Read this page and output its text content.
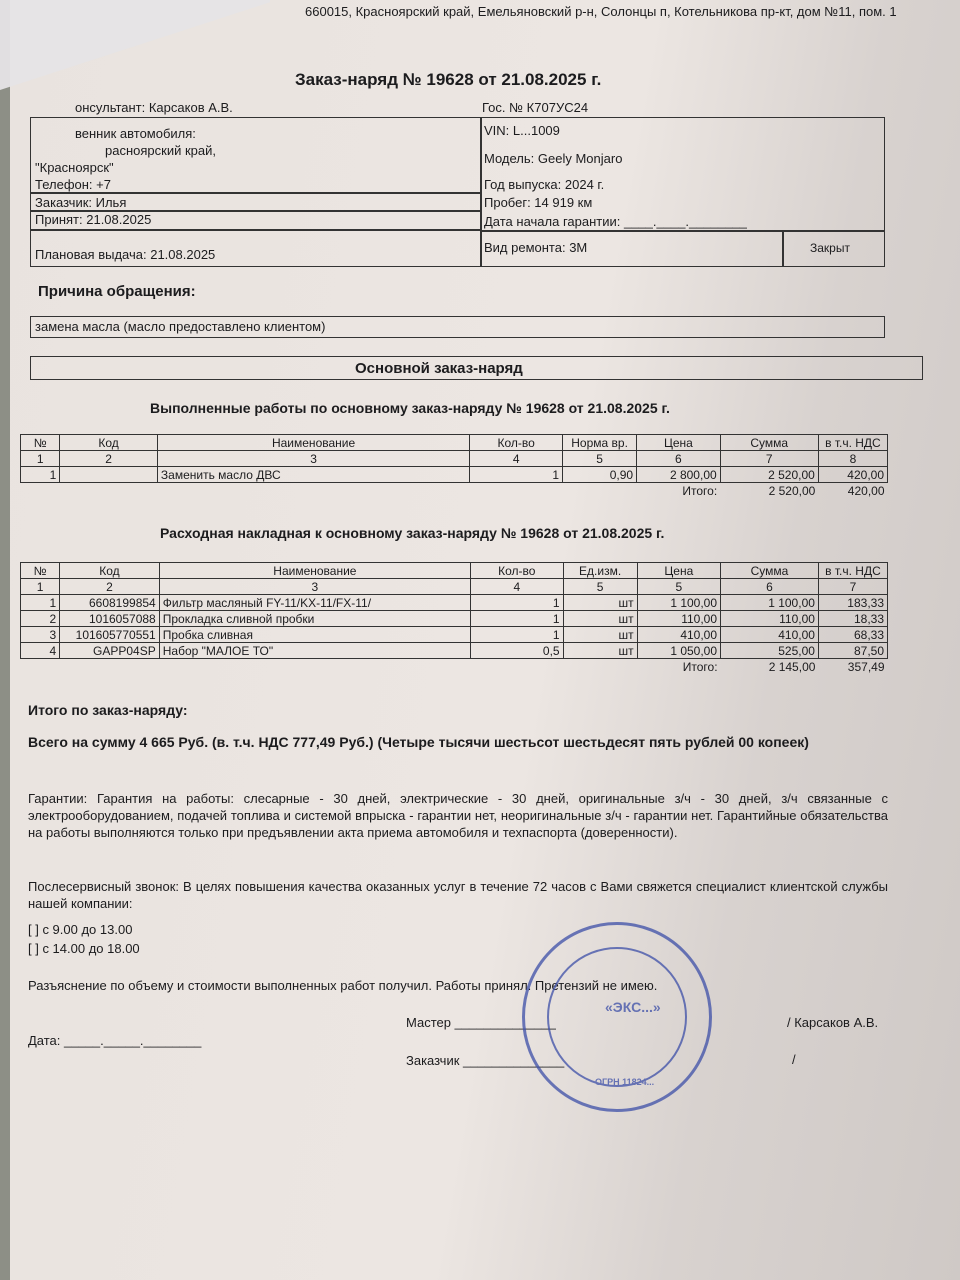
660015, Красноярский край, Емельяновский р-н, Солонцы п, Котельникова пр-кт, дом №11, пом. 1
Заказ-наряд № 19628 от 21.08.2025 г.
онсультант: Карсаков А.В.	Гос. № К707УС24
венник автомобиля:
расноярский край,
"Красноярск"
Телефон: +7
Заказчик: Илья
Принят: 21.08.2025
Плановая выдача: 21.08.2025
VIN: L...1009
Модель: Geely Monjaro
Год выпуска: 2024 г.
Пробег: 14 919 км
Дата начала гарантии: ____.____.________
Вид ремонта: 3М	Закрыт
Причина обращения:
замена масла (масло предоставлено клиентом)
Основной заказ-наряд
Выполненные работы по основному заказ-наряду № 19628 от 21.08.2025 г.
№	Код	Наименование	Кол-во	Норма вр.	Цена	Сумма	в т.ч. НДС
1	2	3	4	5	6	7	8
1		Заменить масло ДВС	1	0,90	2 800,00	2 520,00	420,00
					Итого:	2 520,00	420,00
Расходная накладная к основному заказ-наряду № 19628 от 21.08.2025 г.
№	Код	Наименование	Кол-во	Ед.изм.	Цена	Сумма	в т.ч. НДС
1	2	3	4	5	5	6	7
1	6608199854	Фильтр масляный FY-11/KX-11/FX-11/	1	шт	1 100,00	1 100,00	183,33
2	1016057088	Прокладка сливной пробки	1	шт	110,00	110,00	18,33
3	101605770551	Пробка сливная	1	шт	410,00	410,00	68,33
4	GAPP04SP	Набор "МАЛОЕ ТО"	0,5	шт	1 050,00	525,00	87,50
					Итого:	2 145,00	357,49
Итого по заказ-наряду:
Всего на сумму 4 665 Руб. (в. т.ч. НДС 777,49 Руб.) (Четыре тысячи шестьсот шестьдесят пять рублей 00 копеек)

Гарантии: Гарантия на работы: слесарные - 30 дней, электрические - 30 дней, оригинальные з/ч - 30 дней, з/ч связанные с электрооборудованием, подачей топлива и системой впрыска - гарантии нет, неоригинальные з/ч - гарантии нет. Гарантийные обязательства на работы выполняются только при предъявлении акта приема автомобиля и техпаспорта (доверенности).

Послесервисный звонок: В целях повышения качества оказанных услуг в течение 72 часов с Вами свяжется специалист клиентской службы нашей компании:

[ ] с 9.00 до 13.00
[ ] с 14.00 до 18.00
Разъяснение по объему и стоимости выполненных работ получил. Работы принял. Претензий не имею.
Мастер ______________	/ Карсаков А.В.
Дата: _____._____.________
Заказчик ______________	/
«ЭКС...»
ОГРН 11824...
